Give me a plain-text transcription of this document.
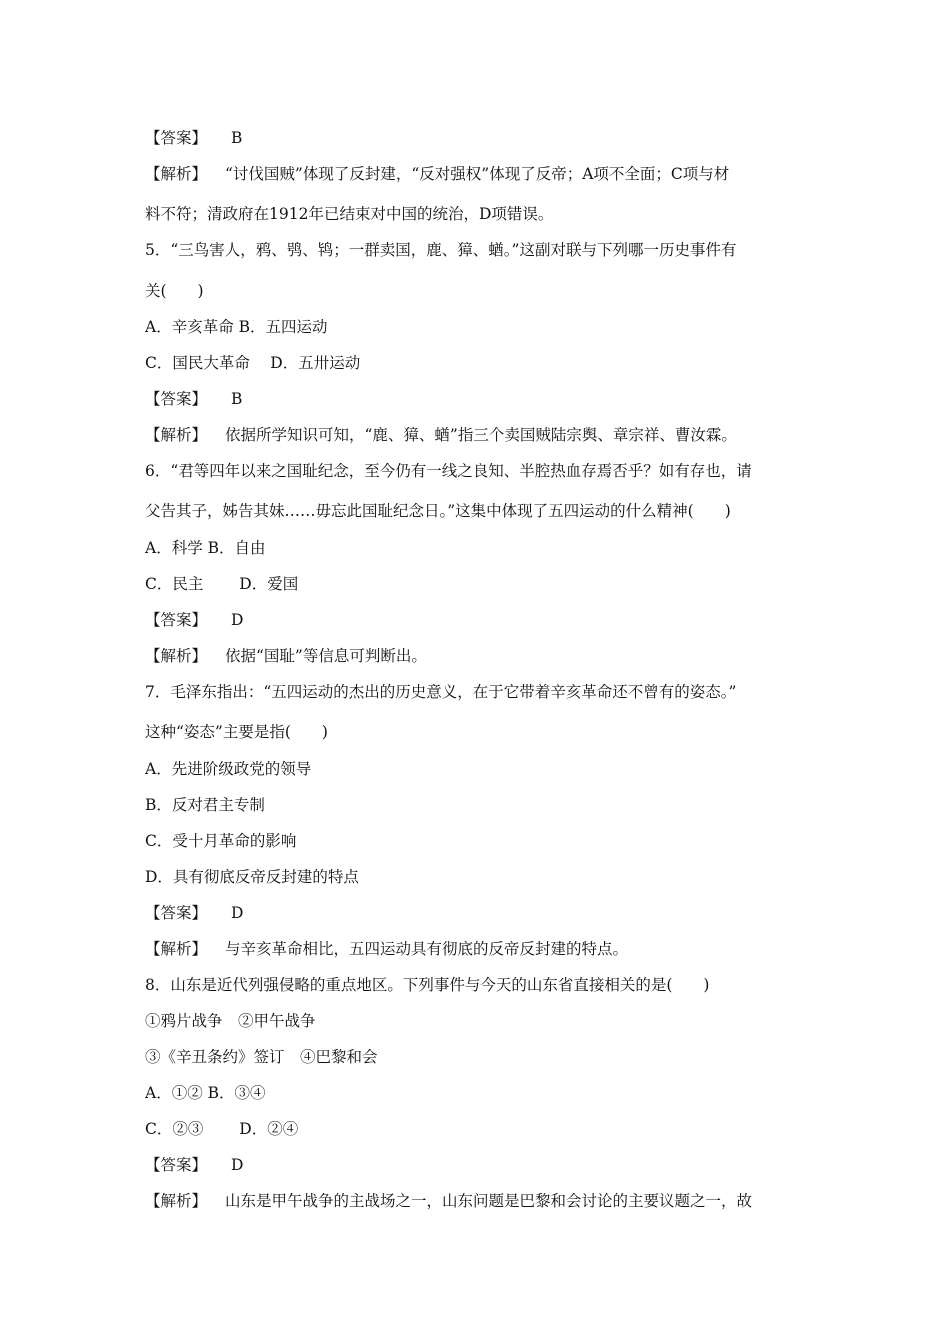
【答案】 B
【解析】 “讨伐国贼”体现了反封建，“反对强权”体现了反帝；A项不全面；C项与材
料不符；清政府在1912年已结束对中国的统治，D项错误。
5．“三鸟害人，鸦、鸮、鸨；一群卖国，鹿、獐、蝤。”这副对联与下列哪一历史事件有
关(　　)
A．辛亥革命 B．五四运动
C．国民大革命　 D．五卅运动
【答案】 B
【解析】 依据所学知识可知，“鹿、獐、蝤”指三个卖国贼陆宗舆、章宗祥、曹汝霖。
6．“君等四年以来之国耻纪念，至今仍有一线之良知、半腔热血存焉否乎？如有存也，请
父告其子，姊告其妹……毋忘此国耻纪念日。”这集中体现了五四运动的什么精神(　　)
A．科学 B．自由
C．民主　　 D．爱国
【答案】 D
【解析】 依据“国耻”等信息可判断出。
7．毛泽东指出：“五四运动的杰出的历史意义，在于它带着辛亥革命还不曾有的姿态。”
这种“姿态”主要是指(　　)
A．先进阶级政党的领导
B．反对君主专制
C．受十月革命的影响
D．具有彻底反帝反封建的特点
【答案】 D
【解析】 与辛亥革命相比，五四运动具有彻底的反帝反封建的特点。
8．山东是近代列强侵略的重点地区。下列事件与今天的山东省直接相关的是(　　)
①鸦片战争　②甲午战争
③《辛丑条约》签订　④巴黎和会
A．①② B．③④
C．②③　　 D．②④
【答案】 D
【解析】 山东是甲午战争的主战场之一，山东问题是巴黎和会讨论的主要议题之一，故
